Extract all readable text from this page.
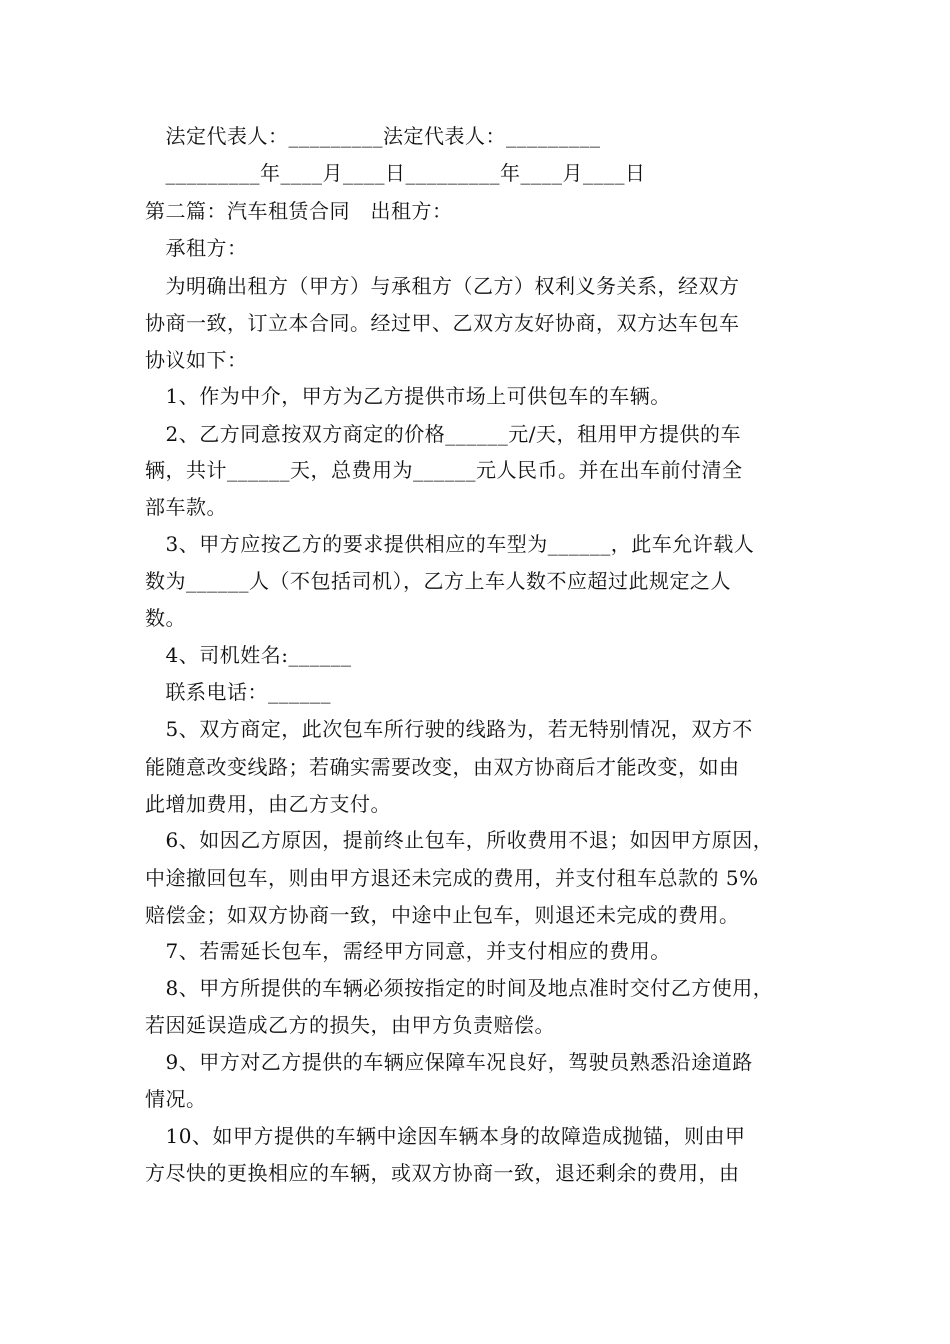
　法定代表人：_________法定代表人：_________
　_________年____月____日_________年____月____日
第二篇：汽车租赁合同　出租方：
　承租方：
　为明确出租方（甲方）与承租方（乙方）权利义务关系，经双方
协商一致，订立本合同。经过甲、乙双方友好协商，双方达车包车
协议如下：
　1、作为中介，甲方为乙方提供市场上可供包车的车辆。
　2、乙方同意按双方商定的价格______元/天，租用甲方提供的车
辆，共计______天，总费用为______元人民币。并在出车前付清全
部车款。
　3、甲方应按乙方的要求提供相应的车型为______，此车允许载人
数为______人（不包括司机），乙方上车人数不应超过此规定之人
数。
　4、司机姓名:______
　联系电话：______
　5、双方商定，此次包车所行驶的线路为，若无特别情况，双方不
能随意改变线路；若确实需要改变，由双方协商后才能改变，如由
此增加费用，由乙方支付。
　6、如因乙方原因，提前终止包车，所收费用不退；如因甲方原因，
中途撤回包车，则由甲方退还未完成的费用，并支付租车总款的 5%
赔偿金；如双方协商一致，中途中止包车，则退还未完成的费用。
　7、若需延长包车，需经甲方同意，并支付相应的费用。
　8、甲方所提供的车辆必须按指定的时间及地点准时交付乙方使用，
若因延误造成乙方的损失，由甲方负责赔偿。
　9、甲方对乙方提供的车辆应保障车况良好，驾驶员熟悉沿途道路
情况。
　10、如甲方提供的车辆中途因车辆本身的故障造成抛锚，则由甲
方尽快的更换相应的车辆，或双方协商一致，退还剩余的费用，由
